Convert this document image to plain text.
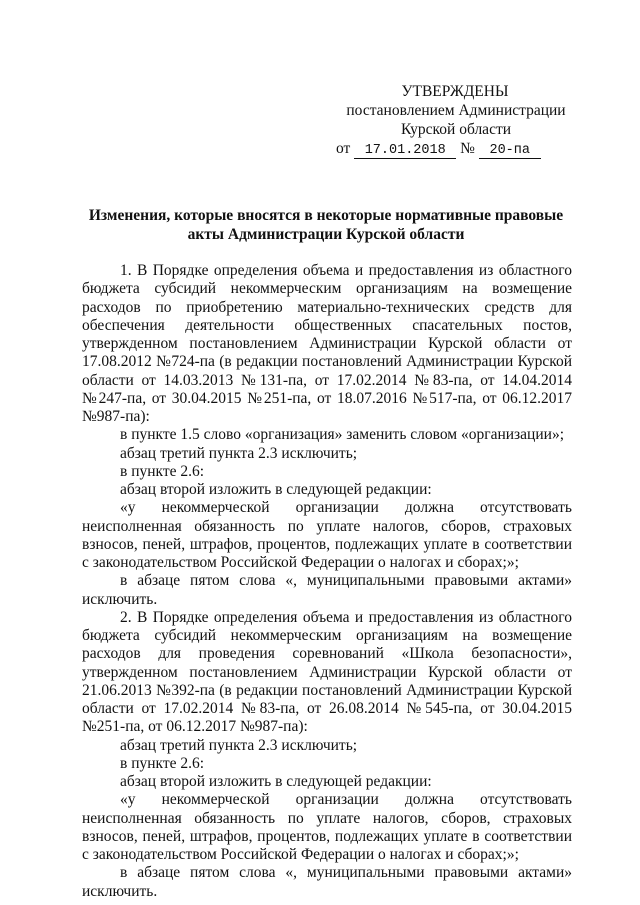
УТВЕРЖДЕНЫ
постановлением Администрации
Курской области
от 17.01.2018 № 20-па
Изменения, которые вносятся в некоторые нормативные правовые
акты Администрации Курской области

1. В Порядке определения объема и предоставления из областного бюджета субсидий некоммерческим организациям на возмещение расходов по приобретению материально-технических средств для обеспечения деятельности общественных спасательных постов, утвержденном постановлением Администрации Курской области от 17.08.2012 №724-па (в редакции постановлений Администрации Курской области от 14.03.2013 №131-па, от 17.02.2014 №83-па, от 14.04.2014 №247-па, от 30.04.2015 №251-па, от 18.07.2016 №517-па, от 06.12.2017 №987-па):

в пункте 1.5 слово «организация» заменить словом «организации»;

абзац третий пункта 2.3 исключить;

в пункте 2.6:

абзац второй изложить в следующей редакции:

«у некоммерческой организации должна отсутствовать неисполненная обязанность по уплате налогов, сборов, страховых взносов, пеней, штрафов, процентов, подлежащих уплате в соответствии с законодательством Российской Федерации о налогах и сборах;»;

в абзаце пятом слова «, муниципальными правовыми актами» исключить.

2. В Порядке определения объема и предоставления из областного бюджета субсидий некоммерческим организациям на возмещение расходов для проведения соревнований «Школа безопасности», утвержденном постановлением Администрации Курской области от 21.06.2013 №392-па (в редакции постановлений Администрации Курской области от 17.02.2014 №83-па, от 26.08.2014 №545-па, от 30.04.2015 №251-па, от 06.12.2017 №987-па):

абзац третий пункта 2.3 исключить;

в пункте 2.6:

абзац второй изложить в следующей редакции:

«у некоммерческой организации должна отсутствовать неисполненная обязанность по уплате налогов, сборов, страховых взносов, пеней, штрафов, процентов, подлежащих уплате в соответствии с законодательством Российской Федерации о налогах и сборах;»;

в абзаце пятом слова «, муниципальными правовыми актами» исключить.
